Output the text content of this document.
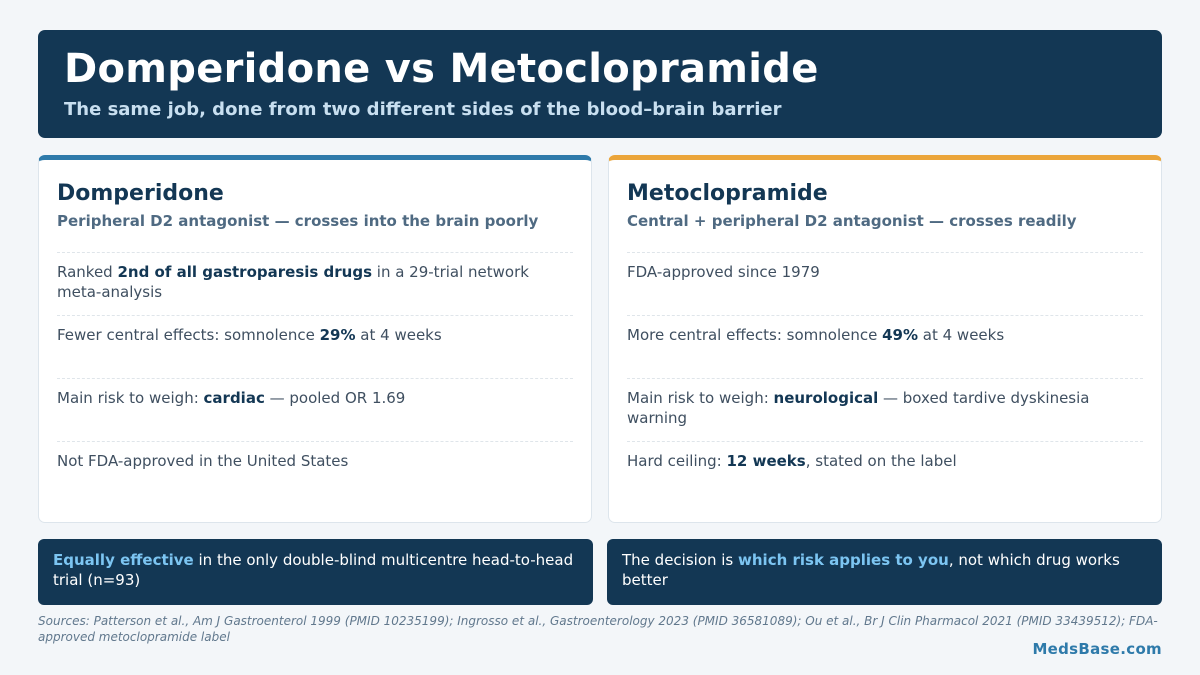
Domperidone vs Metoclopramide
The same job, done from two different sides of the blood–brain barrier
Domperidone
Peripheral D2 antagonist — crosses into the brain poorly
Ranked 2nd of all gastroparesis drugs in a 29-trial network meta-analysis
Fewer central effects: somnolence 29% at 4 weeks
Main risk to weigh: cardiac — pooled OR 1.69
Not FDA-approved in the United States
Metoclopramide
Central + peripheral D2 antagonist — crosses readily
FDA-approved since 1979
More central effects: somnolence 49% at 4 weeks
Main risk to weigh: neurological — boxed tardive dyskinesia warning
Hard ceiling: 12 weeks, stated on the label
Equally effective in the only double-blind multicentre head-to-head trial (n=93)
The decision is which risk applies to you, not which drug works better
Sources: Patterson et al., Am J Gastroenterol 1999 (PMID 10235199); Ingrosso et al., Gastroenterology 2023 (PMID 36581089); Ou et al., Br J Clin Pharmacol 2021 (PMID 33439512); FDA-approved metoclopramide label
MedsBase.com
